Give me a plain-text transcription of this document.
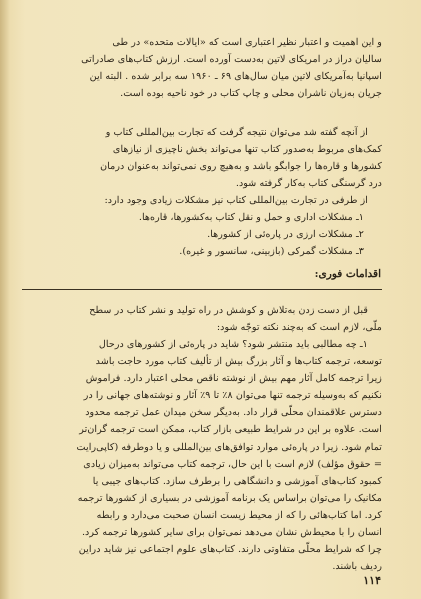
و این اهمیت و اعتبار نظیر اعتباری است که «ایالات متحده» در طی
سالیان دراز در امریکای لاتین به‌دست آورده است. ارزش کتاب‌های صادراتی
اسپانیا به‌آمریکای لاتین میان سال‌های ۶۹ ـ ۱۹۶۰ سه برابر شده . البته این
جریان به‌زیان ناشران محلی و چاپ کتاب در خود ناحیه بوده است.
از آنچه گفته شد می‌توان نتیجه گرفت که تجارت بین‌المللی کتاب و
کمک‌های مربوط به‌صدور کتاب تنها می‌تواند بخش ناچیزی از نیازهای
کشورها و قاره‌ها را جوابگو باشد و به‌هیچ روی نمی‌تواند به‌عنوان درمان
درد گرسنگی کتاب به‌کار گرفته شود.
از طرفی در تجارت بین‌المللی کتاب نیز مشکلات زیادی وجود دارد:
۱ـ مشکلات اداری و حمل و نقل کتاب به‌کشورها، قاره‌ها.
۲ـ مشکلات ارزی در پاره‌ئی از کشورها.
۳ـ مشکلات گمرکی (بازبینی، سانسور و غیره).
اقدامات فوری:
قبل از دست زدن به‌تلاش و کوشش در راه تولید و نشر کتاب در سطح
ملّی، لازم است که به‌چند نکته توجّه شود:
۱ـ چه مطالبی باید منتشر شود؟ شاید در پاره‌ئی از کشورهای درحال
توسعه، ترجمه کتاب‌ها و آثار بزرگ بیش از تألیف کتاب مورد حاجت باشد
زیرا ترجمه کامل آثار مهم بیش از نوشته ناقص محلی اعتبار دارد. فراموش
نکنیم که به‌وسیله ترجمه تنها می‌توان ۸٪ تا ۹٪ آثار و نوشته‌های جهانی را در
دسترس علاقمندان محلّی قرار داد. به‌دیگر سخن میدان عمل ترجمه محدود
است. علاوه بر این در شرایط طبیعی بازار کتاب، ممکن است ترجمه گران‌تر
تمام شود. زیرا در پاره‌ئی موارد توافق‌های بین‌المللی و یا دوطرفه (کاپی‌رایت
= حقوق مؤلف) لازم است با این حال، ترجمه کتاب می‌تواند به‌میزان زیادی
کمبود کتاب‌های آموزشی و دانشگاهی را برطرف سازد. کتاب‌های جیبی یا
مکانیک را می‌توان براساس یک برنامه آموزشی در بسیاری از کشورها ترجمه
کرد. اما کتاب‌هائی را که از محیط زیست انسان صحبت می‌دارد و رابطه
انسان را با محیط‌ش نشان می‌دهد نمی‌توان برای سایر کشورها ترجمه کرد.
چرا که شرایط محلّی متفاوتی دارند. کتاب‌های علوم اجتماعی نیز شاید دراین
ردیف باشند.
۱۱۴
